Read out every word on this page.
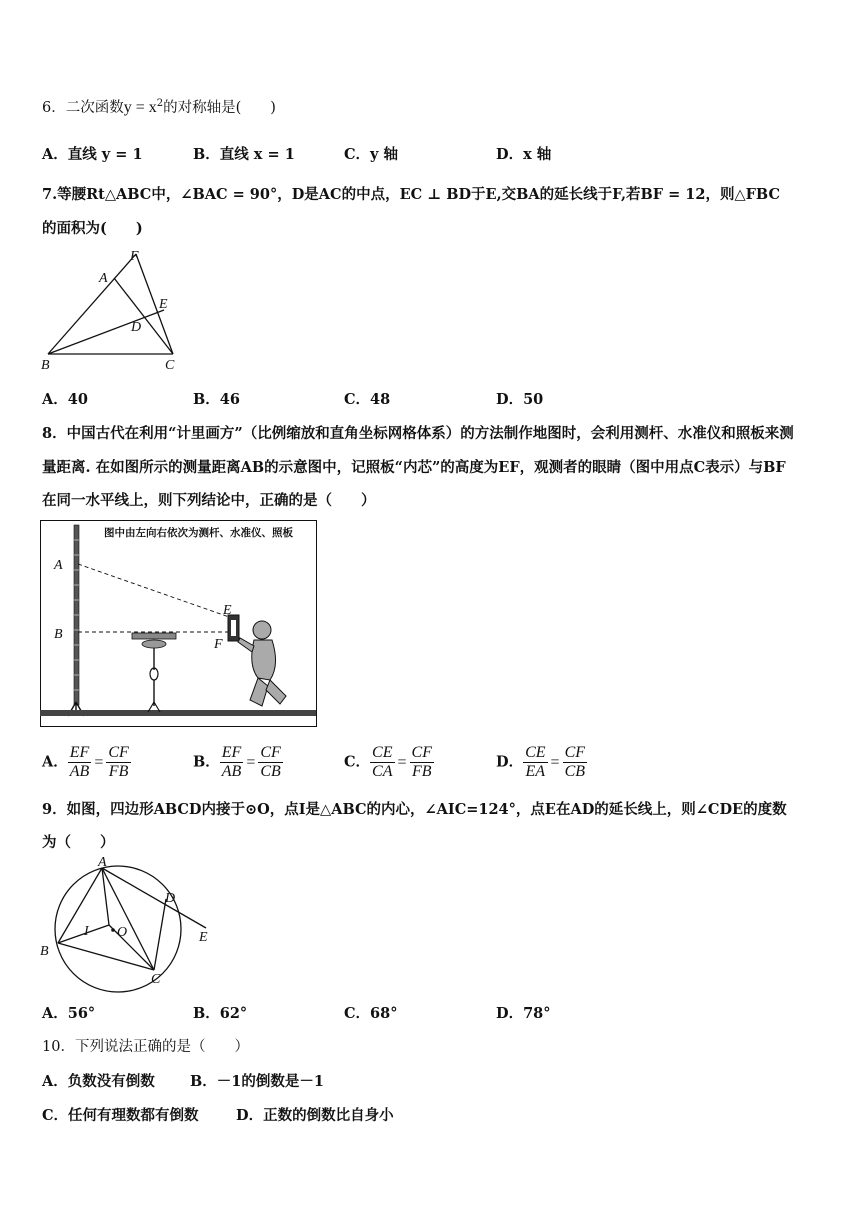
6．二次函数$y = x^2$的对称轴是(　　)
A．直线 y = 1	B．直线 x = 1	C．y 轴	D．x 轴
7.等腰Rt△ABC中，∠BAC = 90°，D是AC的中点，EC ⊥ BD于E,交BA的延长线于F,若BF = 12，则△FBC
的面积为(　　)
F
A
E
D
B	C
A．40	B．46	C．48	D．50
8．中国古代在利用“计里画方”（比例缩放和直角坐标网格体系）的方法制作地图时，会利用测杆、水准仪和照板来测
量距离. 在如图所示的测量距离AB的示意图中，记照板“内芯”的高度为EF，观测者的眼睛（图中用点C表示）与BF
在同一水平线上，则下列结论中，正确的是（　　）
图中由左向右依次为测杆、水准仪、照板
A
B
E
F
A． $\frac{EF}{AB} = \frac{CF}{FB}$	B． $\frac{EF}{AB} = \frac{CF}{CB}$	C． $\frac{CE}{CA} = \frac{CF}{FB}$	D． $\frac{CE}{EA} = \frac{CF}{CB}$
9．如图，四边形ABCD内接于⊙O，点I是△ABC的内心，∠AIC=124°，点E在AD的延长线上，则∠CDE的度数
为（　　）
A
D
I O	E
B
C
A．56°	B．62°	C．68°	D．78°
10．下列说法正确的是（　　）
A．负数没有倒数 B．－1的倒数是－1
C．任何有理数都有倒数	D．正数的倒数比自身小
